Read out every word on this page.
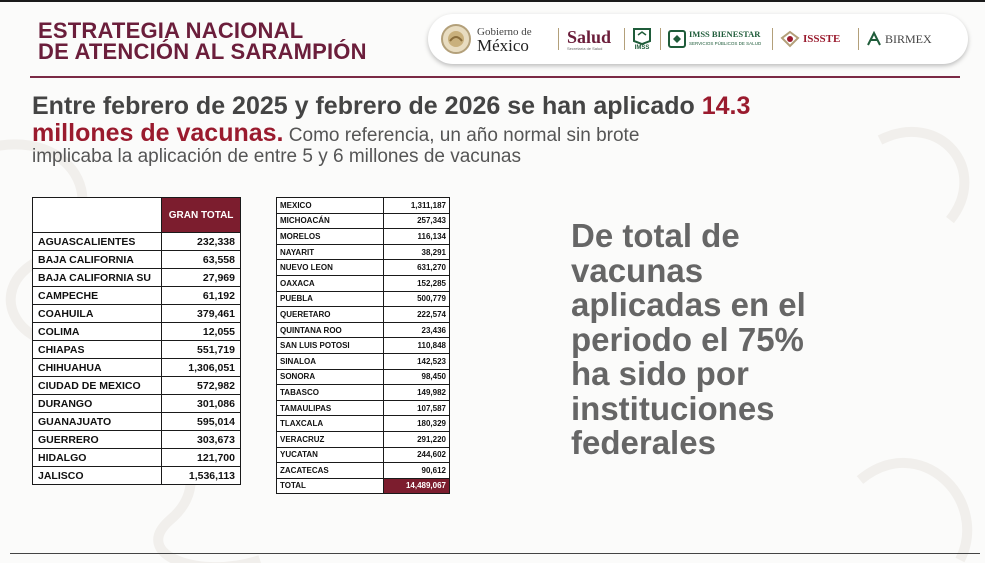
ESTRATEGIA NACIONAL
DE ATENCIÓN AL SARAMPIÓN
Gobierno de
México Salud
Secretaría de Salud	IMSS
IMSS BIENESTAR
SERVICIOS PÚBLICOS DE SALUD	ISSSTE	BIRMEX
Entre febrero de 2025 y febrero de 2026 se han aplicado 14.3
millones de vacunas. Como referencia, un año normal sin brote
implicaba la aplicación de entre 5 y 6 millones de vacunas
	GRAN TOTAL
AGUASCALIENTES	232,338
BAJA CALIFORNIA	63,558
BAJA CALIFORNIA SU	27,969
CAMPECHE	61,192
COAHUILA	379,461
COLIMA	12,055
CHIAPAS	551,719
CHIHUAHUA	1,306,051
CIUDAD DE MEXICO	572,982
DURANGO	301,086
GUANAJUATO	595,014
GUERRERO	303,673
HIDALGO	121,700
JALISCO	1,536,113
MEXICO	1,311,187
MICHOACÁN	257,343
MORELOS	116,134
NAYARIT	38,291
NUEVO LEON	631,270
OAXACA	152,285
PUEBLA	500,779
QUERETARO	222,574
QUINTANA ROO	23,436
SAN LUIS POTOSI	110,848
SINALOA	142,523
SONORA	98,450
TABASCO	149,982
TAMAULIPAS	107,587
TLAXCALA	180,329
VERACRUZ	291,220
YUCATAN	244,602
ZACATECAS	90,612
TOTAL	14,489,067
De total de
vacunas
aplicadas en el
periodo el 75%
ha sido por
instituciones
federales
